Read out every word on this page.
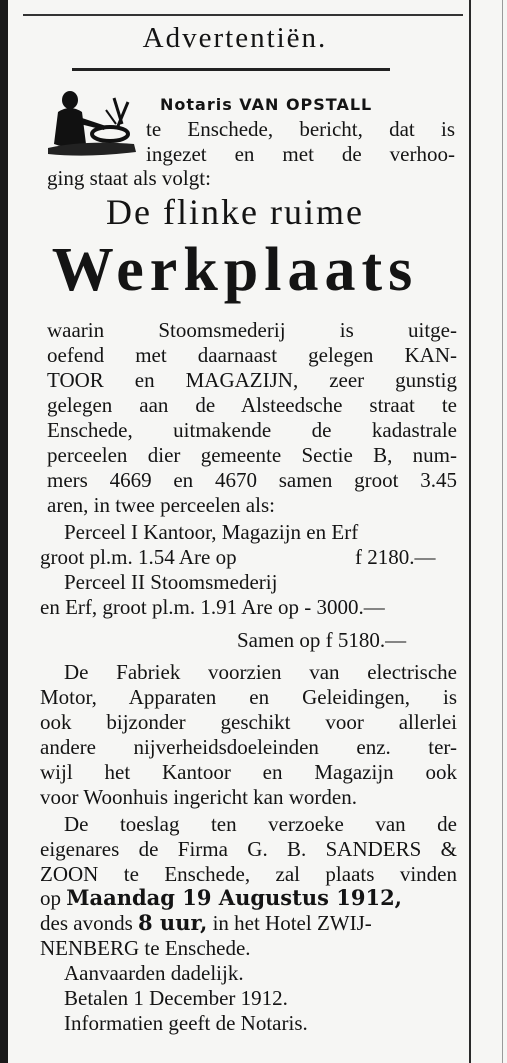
Advertentiën.
Notaris VAN OPSTALL
te Enschede, bericht, dat is
ingezet en met de verhoo-
ging staat als volgt:
De flinke ruime
Werkplaats
waarin Stoomsmederij is uitge-
oefend met daarnaast gelegen KAN-
TOOR en MAGAZIJN, zeer gunstig
gelegen aan de Alsteedsche straat te
Enschede, uitmakende de kadastrale
perceelen dier gemeente Sectie B, num-
mers 4669 en 4670 samen groot 3.45
aren, in twee perceelen als:
Perceel I Kantoor, Magazijn en Erf
groot pl.m. 1.54 Are op	f 2180.—
Perceel II Stoomsmederij
en Erf, groot pl.m. 1.91 Are op - 3000.—
Samen op f 5180.—
De Fabriek voorzien van electrische
Motor, Apparaten en Geleidingen, is
ook bijzonder geschikt voor allerlei
andere nijverheidsdoeleinden enz. ter-
wijl het Kantoor en Magazijn ook
voor Woonhuis ingericht kan worden.
De toeslag ten verzoeke van de
eigenares de Firma G. B. SANDERS &
ZOON te Enschede, zal plaats vinden
op Maandag 19 Augustus 1912,
des avonds 8 uur, in het Hotel ZWIJ-
NENBERG te Enschede.
Aanvaarden dadelijk.
Betalen 1 December 1912.
Informatien geeft de Notaris.
